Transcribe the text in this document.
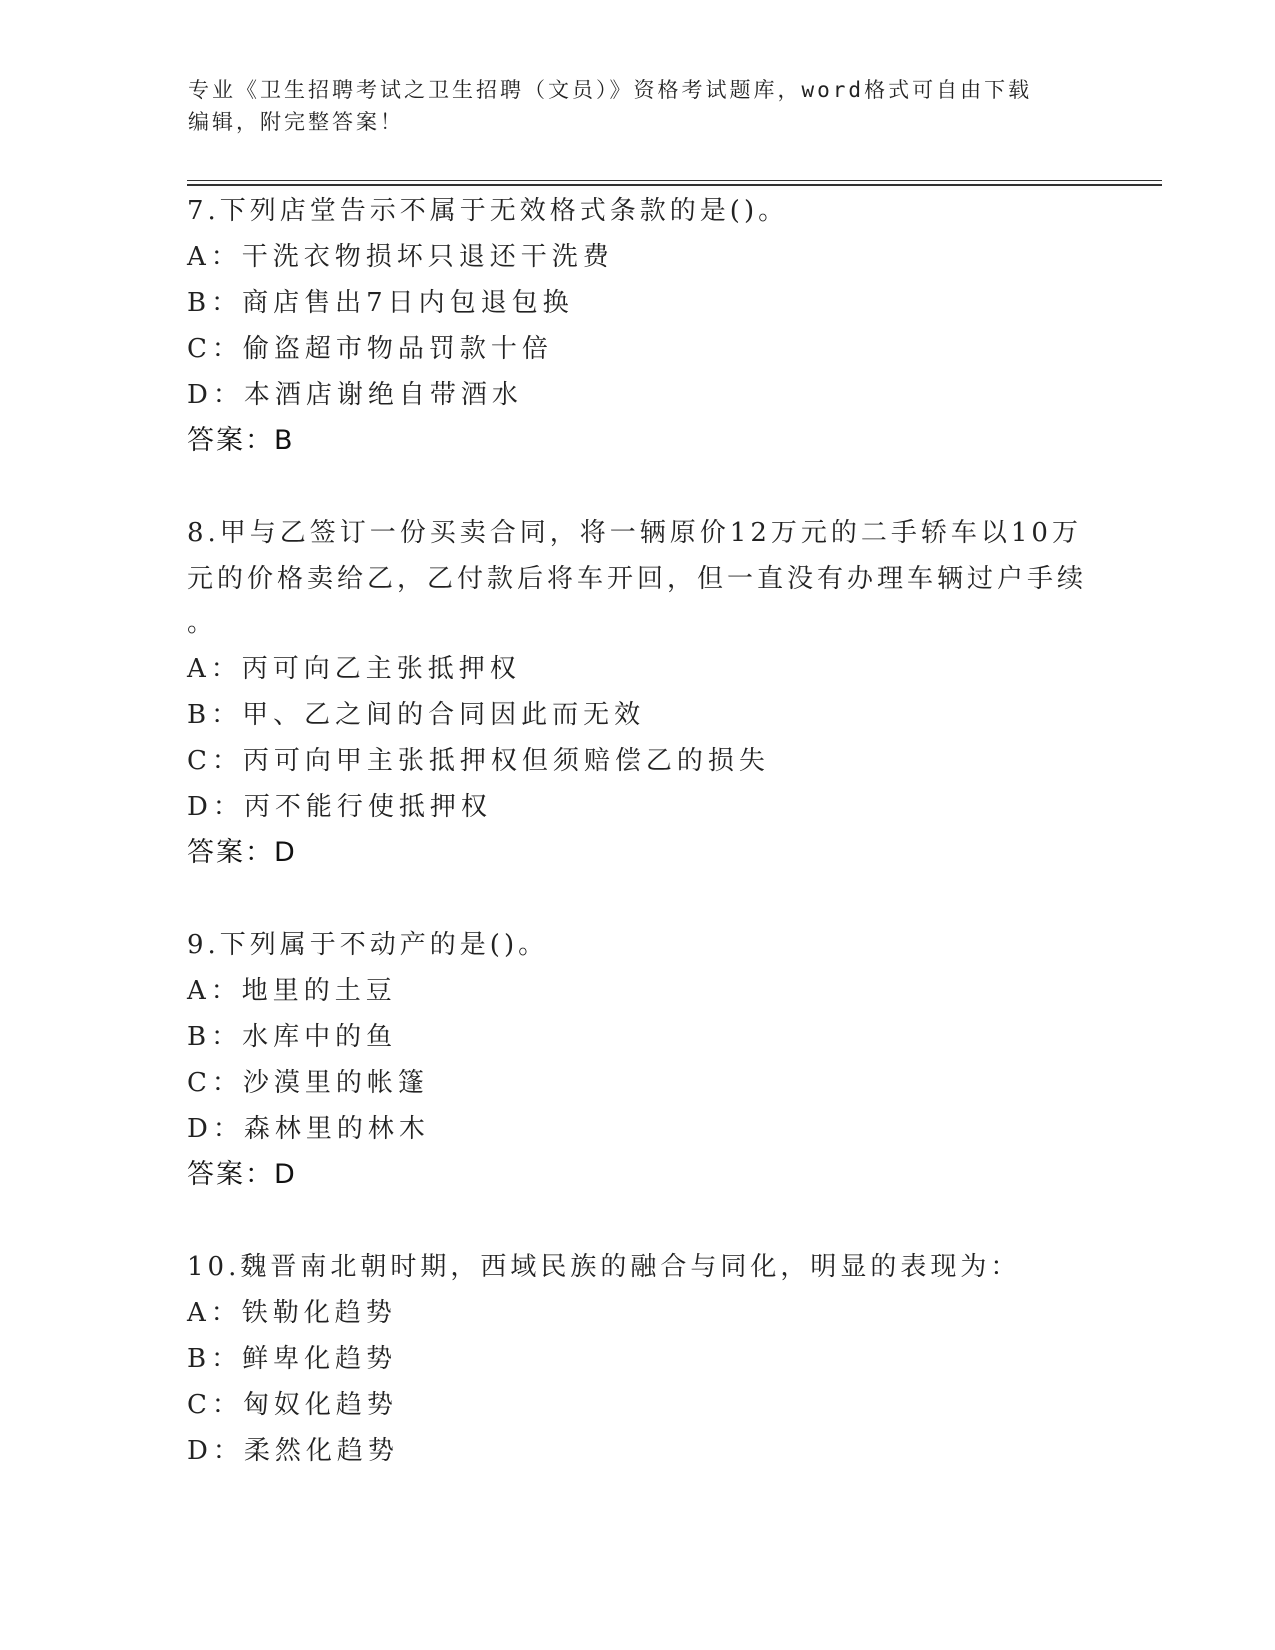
专业《卫生招聘考试之卫生招聘（文员）》资格考试题库，word格式可自由下载
编辑，附完整答案！
7.下列店堂告示不属于无效格式条款的是()。
A：干洗衣物损坏只退还干洗费
B：商店售出7日内包退包换
C：偷盗超市物品罚款十倍
D：本酒店谢绝自带酒水
答案：B
8.甲与乙签订一份买卖合同，将一辆原价12万元的二手轿车以10万
元的价格卖给乙，乙付款后将车开回，但一直没有办理车辆过户手续
。
A：丙可向乙主张抵押权
B：甲、乙之间的合同因此而无效
C：丙可向甲主张抵押权但须赔偿乙的损失
D：丙不能行使抵押权
答案：D
9.下列属于不动产的是()。
A：地里的土豆
B：水库中的鱼
C：沙漠里的帐篷
D：森林里的林木
答案：D
10.魏晋南北朝时期，西域民族的融合与同化，明显的表现为：
A：铁勒化趋势
B：鲜卑化趋势
C：匈奴化趋势
D：柔然化趋势
